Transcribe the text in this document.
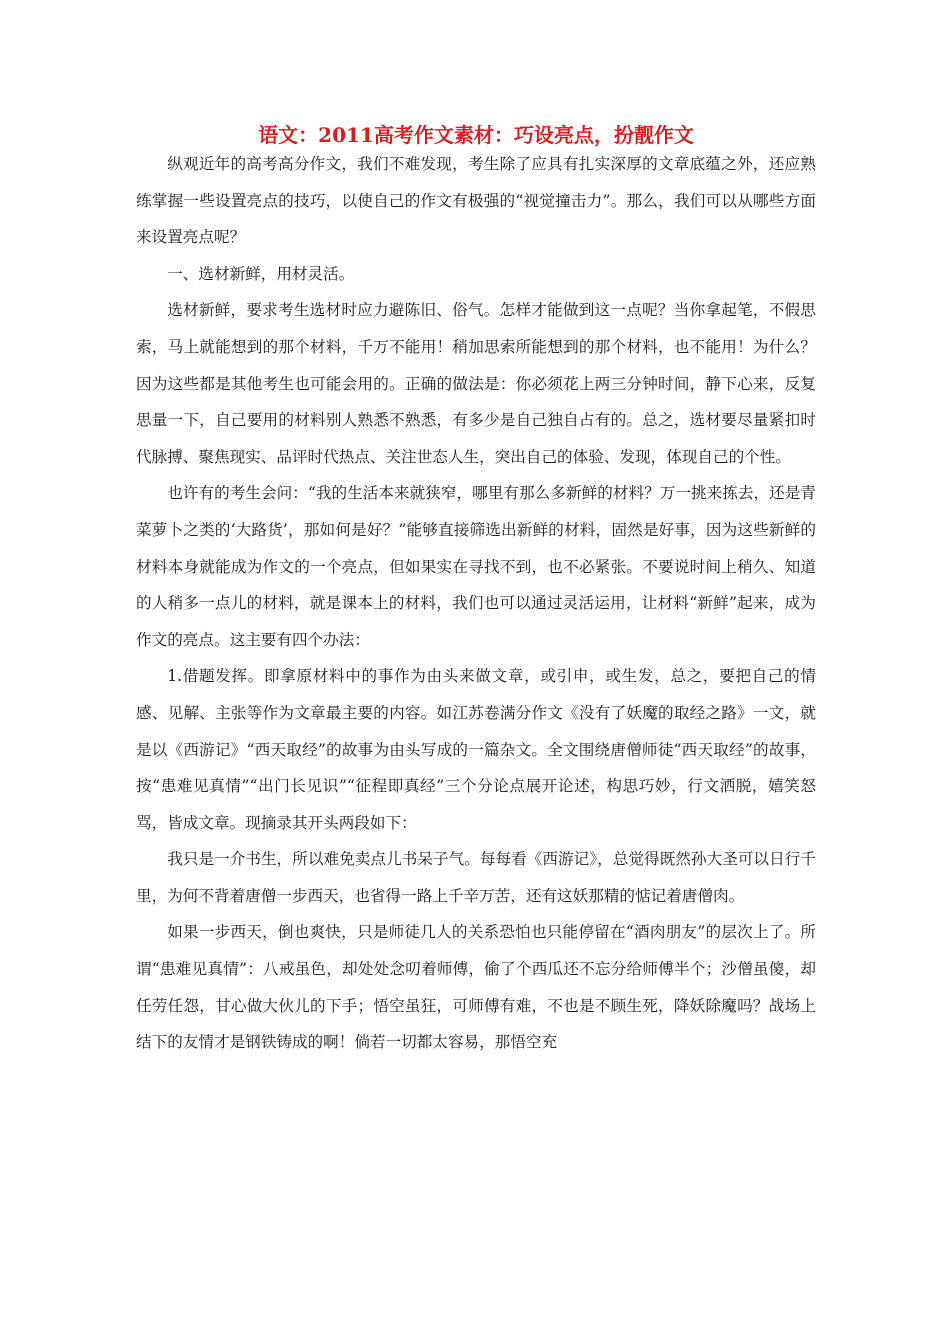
语文：2011高考作文素材：巧设亮点，扮靓作文

纵观近年的高考高分作文，我们不难发现，考生除了应具有扎实深厚的文章底蕴之外，还应熟练掌握一些设置亮点的技巧，以使自己的作文有极强的“视觉撞击力”。那么，我们可以从哪些方面来设置亮点呢？

一、选材新鲜，用材灵活。

选材新鲜，要求考生选材时应力避陈旧、俗气。怎样才能做到这一点呢？当你拿起笔，不假思索，马上就能想到的那个材料，千万不能用！稍加思索所能想到的那个材料，也不能用！为什么？因为这些都是其他考生也可能会用的。正确的做法是：你必须花上两三分钟时间，静下心来，反复思量一下，自己要用的材料别人熟悉不熟悉，有多少是自己独自占有的。总之，选材要尽量紧扣时代脉搏、聚焦现实、品评时代热点、关注世态人生，突出自己的体验、发现，体现自己的个性。

也许有的考生会问：“我的生活本来就狭窄，哪里有那么多新鲜的材料？万一挑来拣去，还是青菜萝卜之类的‘大路货’，那如何是好？”能够直接筛选出新鲜的材料，固然是好事，因为这些新鲜的材料本身就能成为作文的一个亮点，但如果实在寻找不到，也不必紧张。不要说时间上稍久、知道的人稍多一点儿的材料，就是课本上的材料，我们也可以通过灵活运用，让材料“新鲜”起来，成为作文的亮点。这主要有四个办法：

1.借题发挥。即拿原材料中的事作为由头来做文章，或引申，或生发，总之，要把自己的情感、见解、主张等作为文章最主要的内容。如江苏卷满分作文《没有了妖魔的取经之路》一文，就是以《西游记》“西天取经”的故事为由头写成的一篇杂文。全文围绕唐僧师徒“西天取经”的故事，按“患难见真情”“出门长见识”“征程即真经”三个分论点展开论述，构思巧妙，行文洒脱，嬉笑怒骂，皆成文章。现摘录其开头两段如下：

我只是一介书生，所以难免卖点儿书呆子气。每每看《西游记》，总觉得既然孙大圣可以日行千里，为何不背着唐僧一步西天，也省得一路上千辛万苦，还有这妖那精的惦记着唐僧肉。

如果一步西天，倒也爽快，只是师徒几人的关系恐怕也只能停留在“酒肉朋友”的层次上了。所谓“患难见真情”：八戒虽色，却处处念叨着师傅，偷了个西瓜还不忘分给师傅半个；沙僧虽傻，却任劳任怨，甘心做大伙儿的下手；悟空虽狂，可师傅有难，不也是不顾生死，降妖除魔吗？战场上结下的友情才是钢铁铸成的啊！倘若一切都太容易，那悟空充
